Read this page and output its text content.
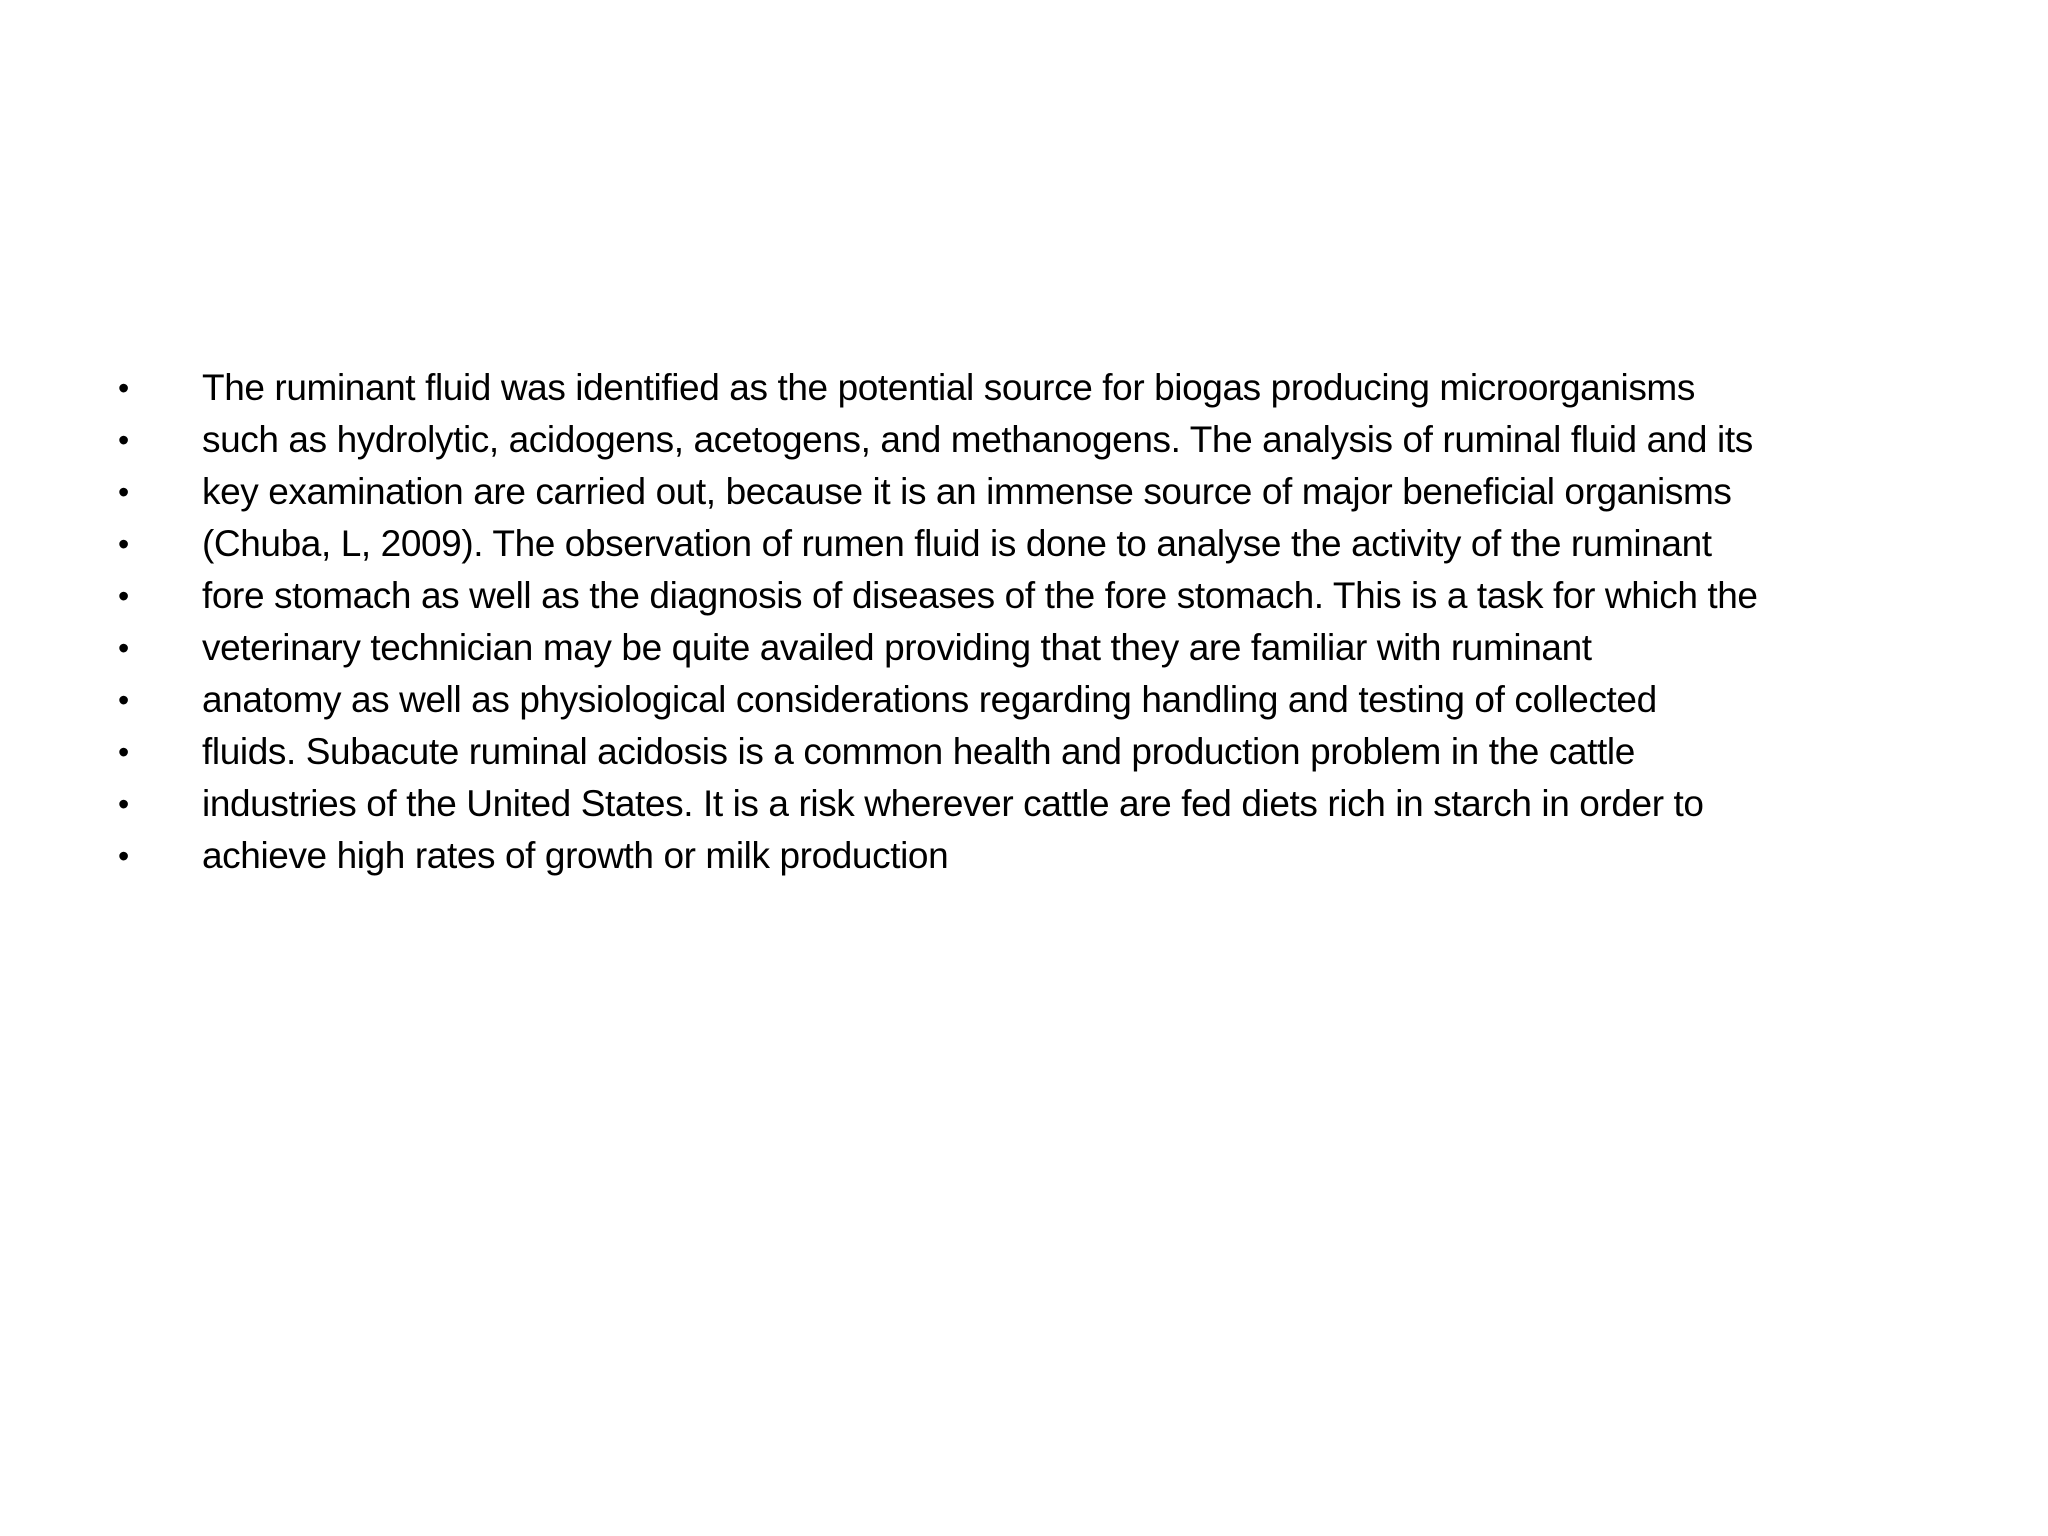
•	The ruminant fluid was identified as the potential source for biogas producing microorganisms
•	such as hydrolytic, acidogens, acetogens, and methanogens. The analysis of ruminal fluid and its
•	key examination are carried out, because it is an immense source of major beneficial organisms
•	(Chuba, L, 2009). The observation of rumen fluid is done to analyse the activity of the ruminant
•	fore stomach as well as the diagnosis of diseases of the fore stomach. This is a task for which the
•	veterinary technician may be quite availed providing that they are familiar with ruminant
•	anatomy as well as physiological considerations regarding handling and testing of collected
•	fluids. Subacute ruminal acidosis is a common health and production problem in the cattle
•	industries of the United States. It is a risk wherever cattle are fed diets rich in starch in order to
•	achieve high rates of growth or milk production
